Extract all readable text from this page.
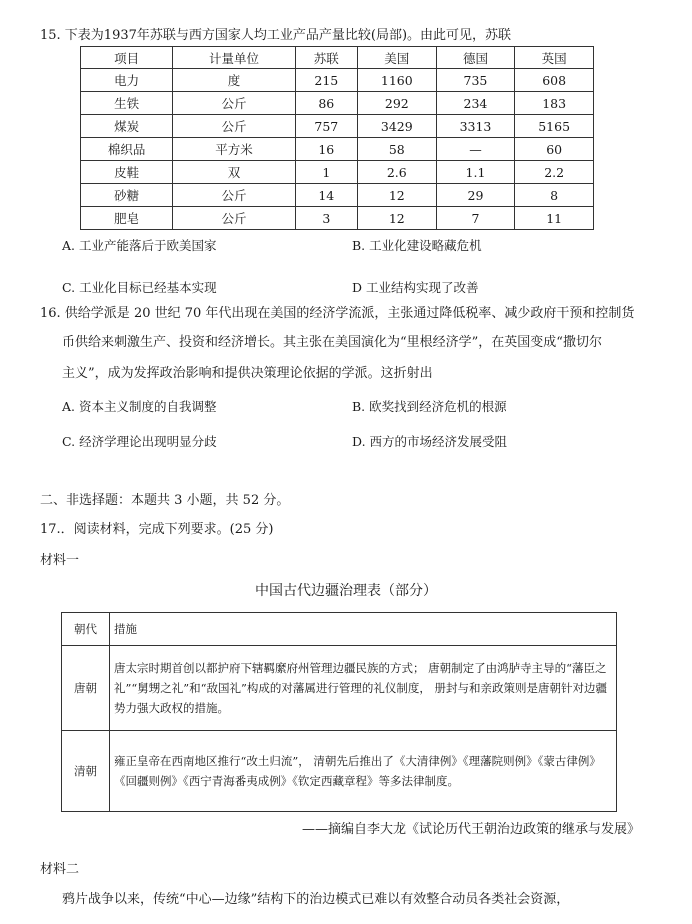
15. 下表为1937年苏联与西方国家人均工业产品产量比较(局部)。由此可见，苏联
项目	计量单位	苏联	美国	德国	英国
电力	度	215	1160	735	608
生铁	公斤	86	292	234	183
煤炭	公斤	757	3429	3313	5165
棉织品	平方米	16	58	—	60
皮鞋	双	1	2.6	1.1	2.2
砂糖	公斤	14	12	29	8
肥皂	公斤	3	12	7	11
A. 工业产能落后于欧美国家	B. 工业化建设略藏危机
C. 工业化目标已经基本实现	D 工业结构实现了改善
16. 供给学派是 20 世纪 70 年代出现在美国的经济学流派，主张通过降低税率、减少政府干预和控制货
币供给来刺激生产、投资和经济增长。其主张在美国演化为“里根经济学”，在英国变成“撒切尔
主义”，成为发挥政治影响和提供决策理论依据的学派。这折射出
A. 资本主义制度的自我调整	B. 欧奖找到经济危机的根源
C. 经济学理论出现明显分歧	D. 西方的市场经济发展受阻
二、非选择题：本题共 3 小题，共 52 分。
17.．阅读材料，完成下列要求。(25 分)
材料一
中国古代边疆治理表（部分）
朝代	措施
唐朝	唐太宗时期首创以都护府下辖羁縻府州管理边疆民族的方式； 唐朝制定了由鸿胪寺主导的“藩臣之礼”“舅甥之礼”和“敌国礼”构成的对藩属进行管理的礼仪制度， 册封与和亲政策则是唐朝针对边疆势力强大政权的措施。
清朝	雍正皇帝在西南地区推行“改土归流”， 清朝先后推出了《大清律例》《理藩院则例》《蒙古律例》《回疆则例》《西宁青海番夷成例》《钦定西藏章程》等多法律制度。
——摘编自李大龙《试论历代王朝治边政策的继承与发展》
材料二
鸦片战争以来，传统“中心—边缘”结构下的治边模式已难以有效整合动员各类社会资源，
